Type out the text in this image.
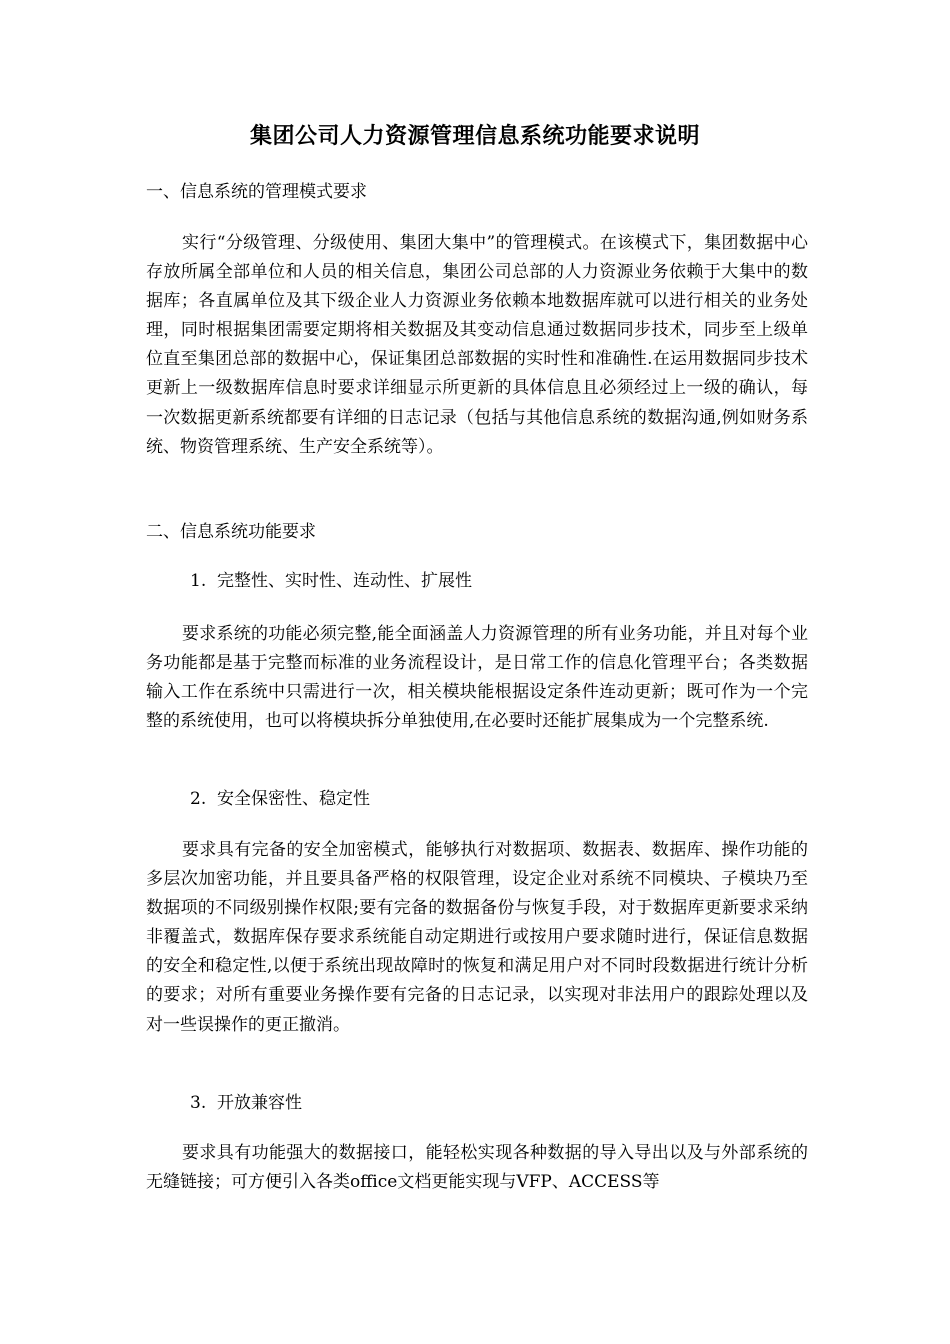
集团公司人力资源管理信息系统功能要求说明
一、信息系统的管理模式要求
实行“分级管理、分级使用、集团大集中”的管理模式。在该模式下，集团数据中心存放所属全部单位和人员的相关信息，集团公司总部的人力资源业务依赖于大集中的数据库；各直属单位及其下级企业人力资源业务依赖本地数据库就可以进行相关的业务处理，同时根据集团需要定期将相关数据及其变动信息通过数据同步技术，同步至上级单位直至集团总部的数据中心，保证集团总部数据的实时性和准确性.在运用数据同步技术更新上一级数据库信息时要求详细显示所更新的具体信息且必须经过上一级的确认，每一次数据更新系统都要有详细的日志记录（包括与其他信息系统的数据沟通,例如财务系统、物资管理系统、生产安全系统等）。
二、信息系统功能要求
1. 完整性、实时性、连动性、扩展性
要求系统的功能必须完整,能全面涵盖人力资源管理的所有业务功能，并且对每个业务功能都是基于完整而标准的业务流程设计，是日常工作的信息化管理平台；各类数据输入工作在系统中只需进行一次，相关模块能根据设定条件连动更新；既可作为一个完整的系统使用，也可以将模块拆分单独使用,在必要时还能扩展集成为一个完整系统.
2. 安全保密性、稳定性
要求具有完备的安全加密模式，能够执行对数据项、数据表、数据库、操作功能的多层次加密功能，并且要具备严格的权限管理，设定企业对系统不同模块、子模块乃至数据项的不同级别操作权限;要有完备的数据备份与恢复手段，对于数据库更新要求采纳非覆盖式，数据库保存要求系统能自动定期进行或按用户要求随时进行，保证信息数据的安全和稳定性,以便于系统出现故障时的恢复和满足用户对不同时段数据进行统计分析的要求；对所有重要业务操作要有完备的日志记录，以实现对非法用户的跟踪处理以及对一些误操作的更正撤消。
3. 开放兼容性
要求具有功能强大的数据接口，能轻松实现各种数据的导入导出以及与外部系统的无缝链接；可方便引入各类office文档更能实现与VFP、ACCESS等
